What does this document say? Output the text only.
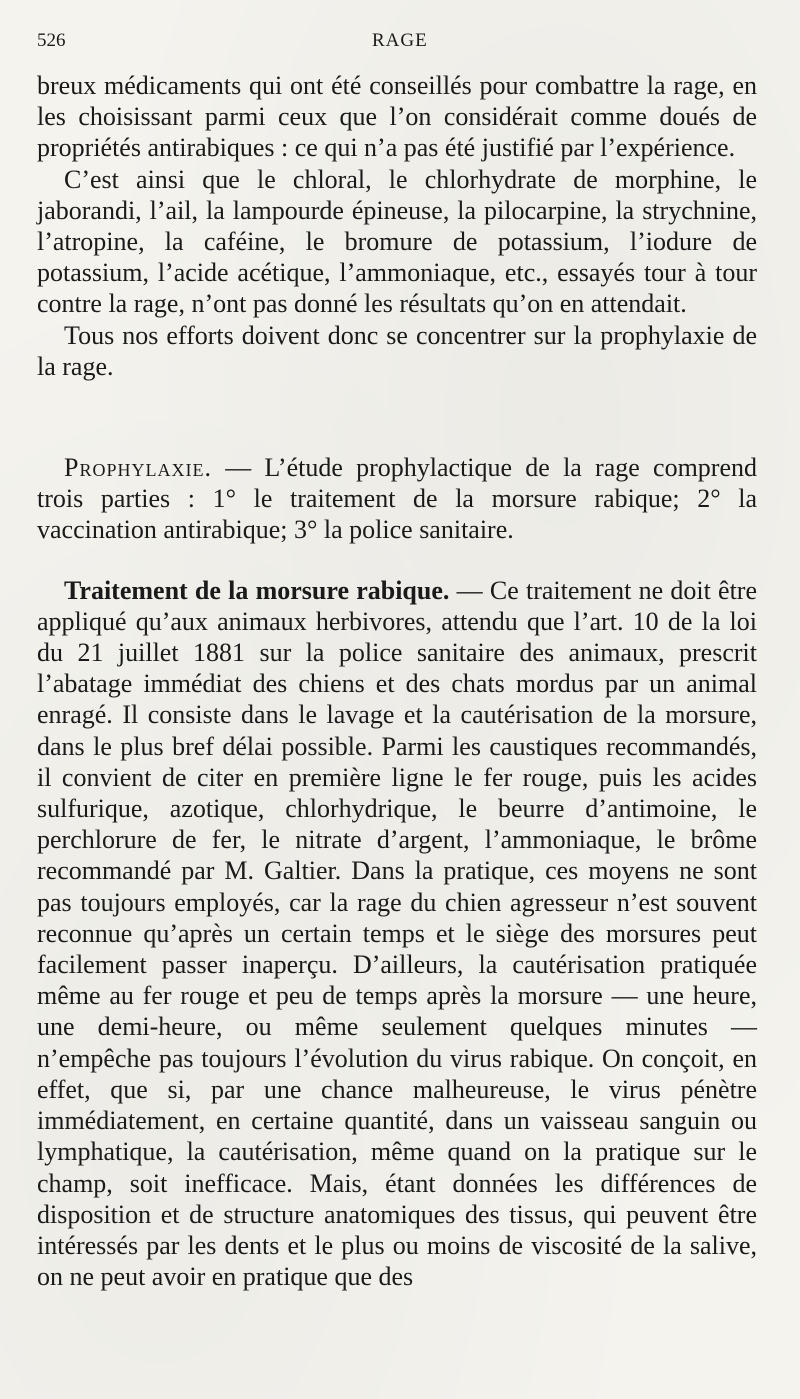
526	RAGE

breux médicaments qui ont été conseillés pour combattre la rage, en les choisissant parmi ceux que l’on considérait comme doués de propriétés antirabiques : ce qui n’a pas été justifié par l’expérience.

C’est ainsi que le chloral, le chlorhydrate de morphine, le jaborandi, l’ail, la lampourde épineuse, la pilocarpine, la strychnine, l’atropine, la caféine, le bromure de potassium, l’iodure de potassium, l’acide acétique, l’ammoniaque, etc., essayés tour à tour contre la rage, n’ont pas donné les résultats qu’on en attendait.

Tous nos efforts doivent donc se concentrer sur la prophylaxie de la rage.

Prophylaxie. — L’étude prophylactique de la rage comprend trois parties : 1° le traitement de la morsure rabique; 2° la vaccination antirabique; 3° la police sanitaire.

Traitement de la morsure rabique. — Ce traitement ne doit être appliqué qu’aux animaux herbivores, attendu que l’art. 10 de la loi du 21 juillet 1881 sur la police sanitaire des animaux, prescrit l’abatage immédiat des chiens et des chats mordus par un animal enragé. Il consiste dans le lavage et la cautérisation de la morsure, dans le plus bref délai possible. Parmi les caustiques recommandés, il convient de citer en première ligne le fer rouge, puis les acides sulfurique, azotique, chlorhydrique, le beurre d’antimoine, le perchlorure de fer, le nitrate d’argent, l’ammoniaque, le brôme recommandé par M. Galtier. Dans la pratique, ces moyens ne sont pas toujours employés, car la rage du chien agresseur n’est souvent reconnue qu’après un certain temps et le siège des morsures peut facilement passer inaperçu. D’ailleurs, la cautérisation pratiquée même au fer rouge et peu de temps après la morsure — une heure, une demi-heure, ou même seulement quelques minutes — n’empêche pas toujours l’évolution du virus rabique. On conçoit, en effet, que si, par une chance malheureuse, le virus pénètre immédiatement, en certaine quantité, dans un vaisseau sanguin ou lymphatique, la cautérisation, même quand on la pratique sur le champ, soit inefficace. Mais, étant données les différences de disposition et de structure anatomiques des tissus, qui peuvent être intéressés par les dents et le plus ou moins de viscosité de la salive, on ne peut avoir en pratique que des
